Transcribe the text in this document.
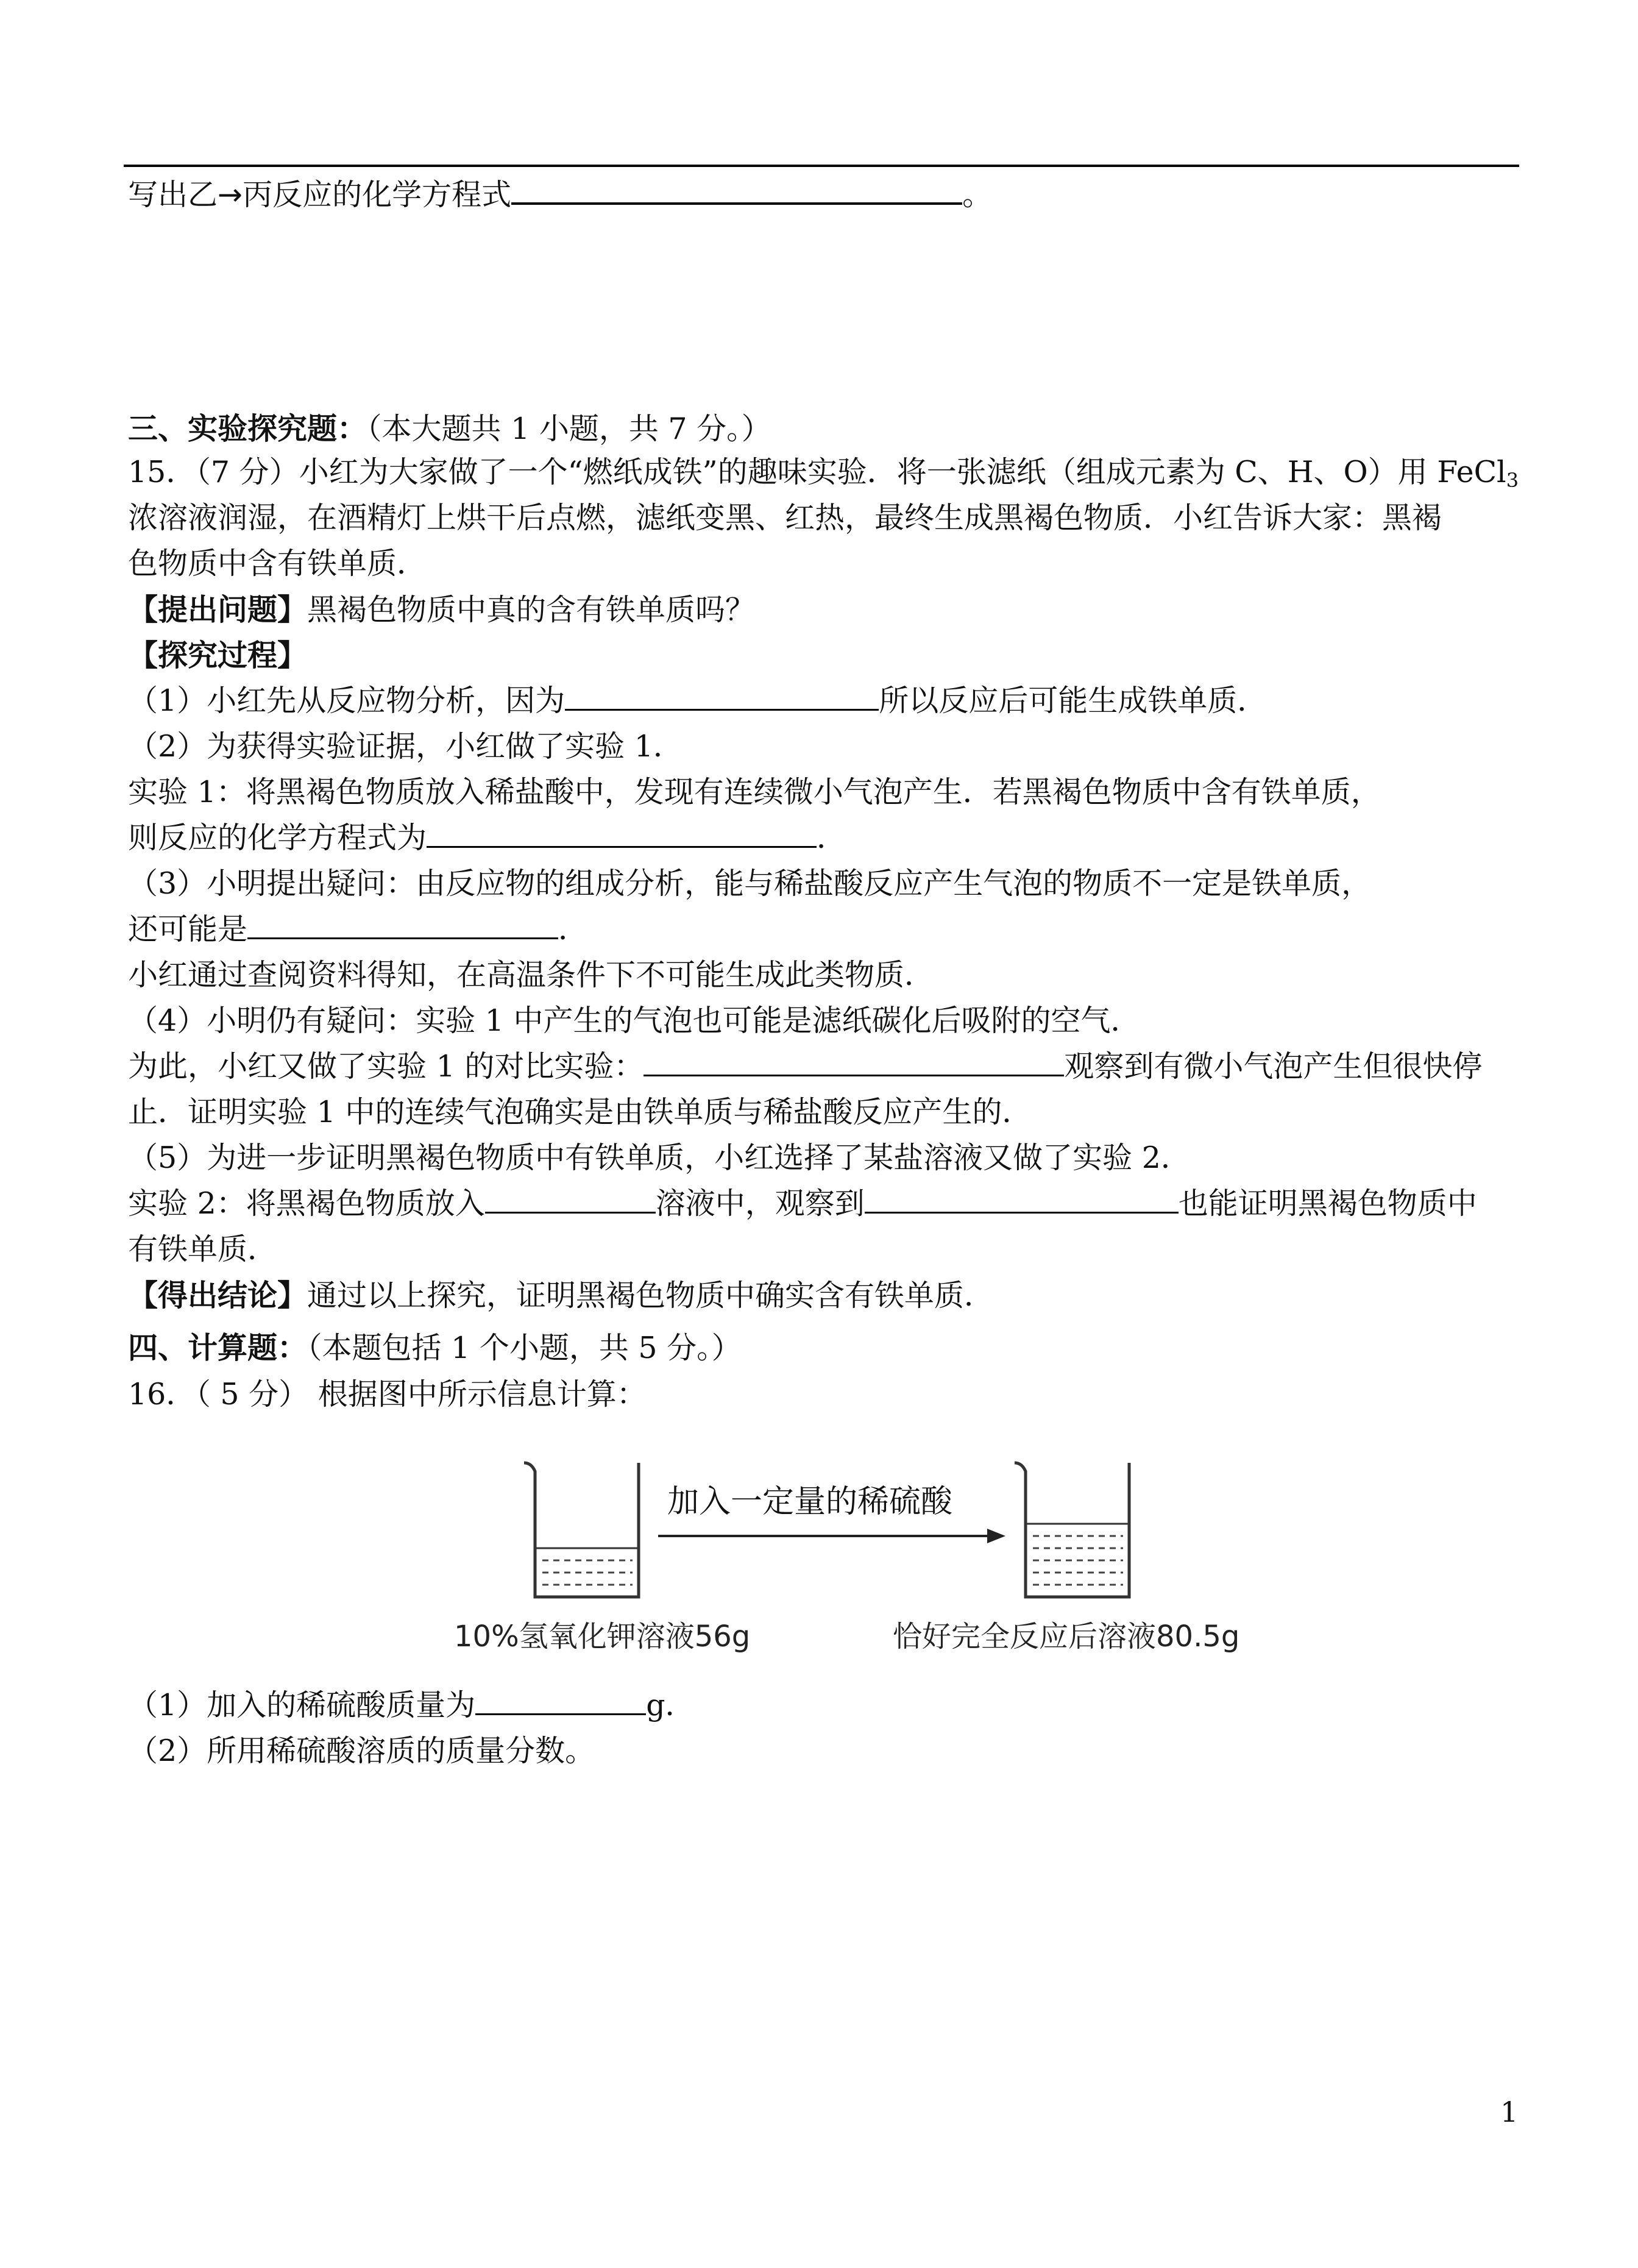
写出乙→丙反应的化学方程式	。
三、实验探究题：（本大题共 1 小题，共 7 分。）
15．（7 分）小红为大家做了一个“燃纸成铁”的趣味实验．将一张滤纸（组成元素为 C、H、O）用 FeCl$_3$
浓溶液润湿，在酒精灯上烘干后点燃，滤纸变黑、红热，最终生成黑褐色物质．小红告诉大家：黑褐
色物质中含有铁单质．
【提出问题】黑褐色物质中真的含有铁单质吗？
【探究过程】
（1）小红先从反应物分析，因为	所以反应后可能生成铁单质．
（2）为获得实验证据，小红做了实验 1．
实验 1：将黑褐色物质放入稀盐酸中，发现有连续微小气泡产生．若黑褐色物质中含有铁单质，
则反应的化学方程式为	．
（3）小明提出疑问：由反应物的组成分析，能与稀盐酸反应产生气泡的物质不一定是铁单质，
还可能是	．
小红通过查阅资料得知，在高温条件下不可能生成此类物质．
（4）小明仍有疑问：实验 1 中产生的气泡也可能是滤纸碳化后吸附的空气．
为此，小红又做了实验 1 的对比实验：	观察到有微小气泡产生但很快停
止．证明实验 1 中的连续气泡确实是由铁单质与稀盐酸反应产生的．
（5）为进一步证明黑褐色物质中有铁单质，小红选择了某盐溶液又做了实验 2．
实验 2：将黑褐色物质放入	溶液中，观察到	也能证明黑褐色物质中
有铁单质．
【得出结论】通过以上探究，证明黑褐色物质中确实含有铁单质．
四、计算题：（本题包括 1 个小题，共 5 分。）
16．（ 5 分） 根据图中所示信息计算：
加入一定量的稀硫酸
10%氢氧化钾溶液56g	恰好完全反应后溶液80.5g
（1）加入的稀硫酸质量为	g．
（2）所用稀硫酸溶质的质量分数。
1
